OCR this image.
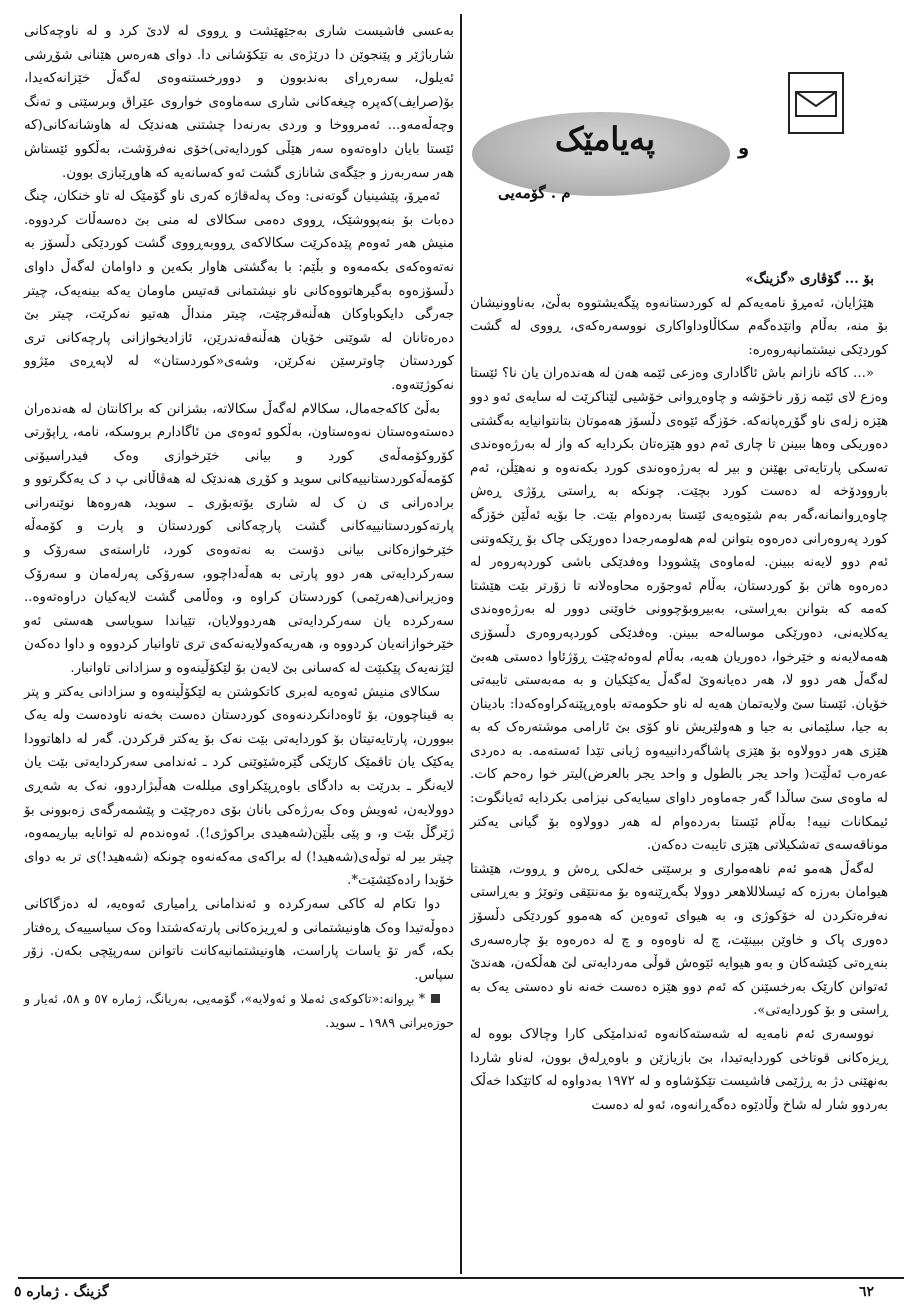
پەیامێک	و
م . گۆمەیی

بۆ ... گۆڤاری «گزینگ»

هێژایان، ئەمڕۆ نامەیەکم لە کوردستانەوە پێگەیشتووە بەڵێ، بەناوونیشان بۆ منە، بەڵام واتێدەگەم سکاڵاوداواکاری نووسەرەکەی، ڕووی لە گشت کوردێکی نیشتمانپەروەرە:

«... کاکە نازانم باش ئاگاداری وەزعی ئێمە هەن لە هەندەران یان نا؟ ئێستا وەزع لای ئێمە زۆر ناخۆشە و چاوەڕوانی خۆشیی لێناکرێت لە سایەی ئەو دوو هێزە زلەی ناو گۆڕەپانەکە. خۆزگە ئێوەی دڵسۆز هەموتان بتانتوانیایە بەگشتی دەوریکی وەها ببینن تا چاری ئەم دوو هێزەتان بکردایە کە واز لە بەرژەوەندی تەسکی پارتایەتی بهێنن و بیر لە بەرژەوەندی کورد بکەنەوە و نەهێڵن، ئەم باروودۆخە لە دەست کورد بچێت. چونکە بە ڕاستی ڕۆژی ڕەش چاوەڕوانمانە،گەر بەم شێوەیەی ئێستا بەردەوام بێت. جا بۆیە ئەڵێن خۆزگە کورد پەروەرانی دەرەوە بتوانن لەم هەلومەرجەدا دەورێکی چاک بۆ ڕێکەوتنی ئەم دوو لایەنە ببینن. لەماوەی پێشوودا وەفدێکی باشی کوردپەروەر لە دەرەوە هاتن بۆ کوردستان، بەڵام ئەوجۆرە محاوەلانە تا زۆرتر بێت هێشتا کەمە کە بتوانن بەڕاستی، بەبیروبۆچوونی خاوێنی دوور لە بەرژەوەندی یەکلایەنی، دەورێکی موسالەحە ببینن. وەفدێکی کوردپەروەری دڵسۆزی هەمەلایەنە و خێرخوا، دەوریان هەیە، بەڵام لەوەئەچێت ڕۆژئاوا دەستی هەبێ لەگەڵ هەر دوو لا، هەر دەیانەوێ لەگەڵ یەکێکیان و بە مەبەستی تایبەتی خۆیان. ئێستا سێ ولایەتمان هەیە لە ناو حکومەتە باوەڕپێنەکراوەکەدا: بادینان بە جیا، سلێمانی بە جیا و هەولێریش ناو کۆی بێ ئارامی موشتەرەک کە بە هێزی هەر دوولاوە بۆ هێزی پاشاگەردانییەوە ژیانی تێدا ئەستەمە. بە دەردی عەرەب ئەڵێت( واحد یجر بالطول و واحد یجر بالعرض)لیتر خوا رەحم کات. لە ماوەی سێ ساڵدا گەر جەماوەر داوای سیایەکی نیزامی بکردایە ئەیانگوت: ئیمکانات نییە! بەڵام ئێستا بەردەوام لە هەر دوولاوە بۆ گیانی یەکتر موناقەسەی تەشکیلاتی هێزی تایبەت دەکەن.

لەگەڵ هەمو ئەم ناهەمواری و برسێتی خەلکی ڕەش و ڕووت، هێشتا هیوامان بەرزە کە ئیسلاللاهعر دوولا بگەڕێنەوە بۆ مەنتێقی وتوێژ و بەڕاستی نەفرەتکردن لە خۆکوژی و، بە هیوای ئەوەین کە هەموو کوردێکی دڵسۆز دەوری پاک و خاوێن ببینێت، چ لە ناوەوە و چ لە دەرەوە بۆ چارەسەری بنەڕەتی کێشەکان و بەو هیوایە ئێوەش قوڵی مەردایەتی لێ هەڵکەن، هەندێ ئەتوانن کارێک بەرخسێنن کە ئەم دوو هێزە دەست خەنە ناو دەستی یەک بە ڕاستی و بۆ کوردایەتی».

نووسەری ئەم نامەیە لە شەستەکانەوە ئەندامێکی کارا وچالاک بووە لە ڕیزەکانی قوتاخی کوردایەتیدا، بێ بازیازێن و باوەڕلەق بوون، لەناو شاردا بەنهێنی دژ بە ڕژێمی فاشیست تێکۆشاوە و لە ١٩٧٢ بەدواوە لە کاتێکدا خەڵک بەردوو شار لە شاخ وڵادێوە دەگەڕانەوە، ئەو لە دەست

بەعسی فاشیست شاری بەجێهێشت و ڕووی لە لادێ کرد و لە ناوچەکانی شارباژێر و پێنجوێن دا درێژەی بە تێکۆشانی دا. دوای هەرەس هێنانی شۆڕشی ئەیلول، سەرەڕای بەندبوون و دوورخستنەوەی لەگەڵ خێزانەکەیدا، بۆ(صرایف)کەپرە چیغەکانی شاری سەماوەی خواروی عێراق وبرسێتی و تەنگ وچەڵەمەو... ئەمرووخا و وردی بەرنەدا چشتنی هەندێک لە هاوشانەکانی(کە ئێستا بایان داوەتەوە سەر هێڵی کوردایەتی)خۆی نەفرۆشت، بەڵکوو ئێستاش هەر سەربەرز و جێگەی شانازی گشت ئەو کەسانەیە کە هاوڕێبازی بوون.

ئەمڕۆ، پێشینیان گوتەنی: وەک پەلەقاژە کەری ناو گۆمێک لە تاو خنکان، چنگ دەبات بۆ بنەپووشێک، ڕووی دەمی سکالای لە منی بێ دەسەڵات کردووە. منیش هەر ئەوەم پێدەکرێت سکالاکەی ڕووبەڕووی گشت کوردێکی دڵسۆز بە نەتەوەکەی بکەمەوە و بڵێم: با بەگشتی هاوار بکەین و داوامان لەگەڵ داوای دڵسۆزەوە بەگیرهاتووەکانی ناو نیشتمانی قەتیس ماومان یەکە بینەیەک، چیتر جەرگی دایکوباوکان هەڵنەقرچێت، چیتر منداڵ هەتیو نەکرێت، چیتر بێ دەرەتانان لە شوێنی خۆیان هەڵنەقەندرێن، ئازادیخوازانی پارچەکانی تری کوردستان چاوترسێن نەکرێن، وشەی«کوردستان» لە لاپەڕەی مێژوو نەکوژێتەوە.

بەڵێ کاکەجەمال، سکالام لەگەڵ سکالاتە، بشزانن کە براکانتان لە هەندەران دەستەوەستان نەوەستاون، بەڵکوو ئەوەی من ئاگادارم بروسکە، نامە، ڕاپۆرتی کۆروکۆمەڵەی کورد و بیانی خێرخوازی وەک فیدراسیۆنی کۆمەڵەکوردستانییەکانی سوید و کۆڕی هەندێک لە هەڤاڵانی پ د ک یەکگرتوو و برادەرانی ی ن ک لە شاری یۆتەبۆری ـ سوید، هەروەها نوێنەرانی پارتەکوردستانییەکانی گشت پارچەکانی کوردستان و پارت و کۆمەڵە خێرخوازەکانی بیانی دۆست بە نەتەوەی کورد، ئاراستەی سەرۆک و سەرکردایەتی هەر دوو پارتی بە هەڵەداچوو، سەرۆکی پەرلەمان و سەرۆک وەزیرانی(هەرێمی) کوردستان کراوە و، وەڵامی گشت لایەکیان دراوەتەوە.. سەرکردە یان سەرکردایەتی هەردوولایان، تێیاندا سویاسی هەستی ئەو خێرخوازانەیان کردووە و، هەریەکەولایەنەکەی تری تاوانبار کردووە و داوا دەکەن لێژنەیەک پێکبێت لە کەسانی بێ لایەن بۆ لێکۆڵینەوە و سزادانی تاوانبار.

سکالای منیش ئەوەیە لەبری کاتکوشتن بە لێکۆڵینەوە و سزادانی یەکتر و پتر بە قیناچوون، بۆ ئاوەدانکردنەوەی کوردستان دەست بخەنە ناودەست ولە یەک ببوورن، پارتایەتیتان بۆ کوردایەتی بێت نەک بۆ یەکتر قرکردن. گەر لە داهاتوودا یەکێک یان تاقمێک کارێکی گێرەشێوێنی کرد ـ ئەندامی سەرکردایەتی بێت یان لایەنگر ـ بدرێت بە دادگای باوەڕپێکراوی میللەت هەڵبژاردوو، نەک بە شەڕی دوولایەن، ئەویش وەک بەرژەکی بانان بۆی دەرچێت و پێشمەرگەی زەبوونی بۆ ژێرگڵ بێت و، و پێی بڵێن(شەهیدی براکوژی!). ئەوەندەم لە توانایە بیاریمەوە، چیتر بیر لە توڵەی(شەهید!) لە براکەی مەکەنەوە چونکە (شەهید!)ی تر بە دوای خۆیدا رادەکێشێت*.

دوا تکام لە کاکی سەرکردە و ئەندامانی ڕامیاری ئەوەیە، لە دەزگاکانی دەوڵەتیدا وەک هاونیشتمانی و لەڕیزەکانی پارتەکەشتدا وەک سیاسییەک ڕەفتار بکە، گەر تۆ یاسات پاراست، هاونیشتمانیەکانت ناتوانن سەرپێچی بکەن. زۆر سپاس.

* بڕوانە:«تاکوکەی ئەملا و ئەولایە»، گۆمەیی، بەریانگ، ژمارە ٥٧ و ٥٨، ئەیار و حوزەیرانی ١٩٨٩ ـ سوید.

گزینگ . ژمارە ٥	٦٢
